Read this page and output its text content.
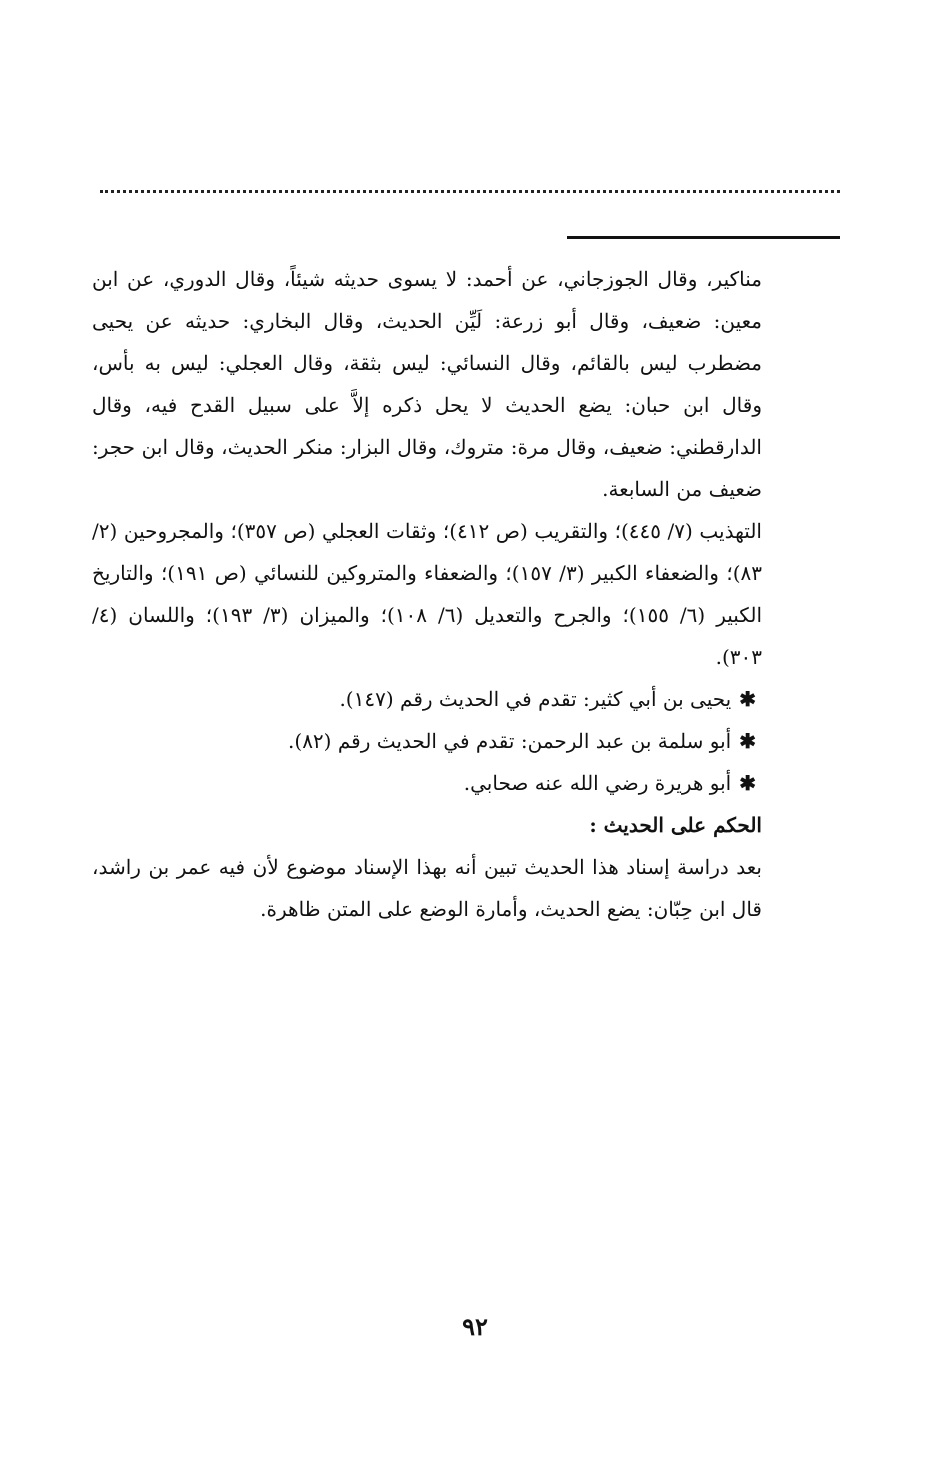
مناكير، وقال الجوزجاني، عن أحمد: لا يسوى حديثه شيئاً، وقال الدوري، عن ابن معين: ضعيف، وقال أبو زرعة: لَيِّن الحديث، وقال البخاري: حديثه عن يحيى مضطرب ليس بالقائم، وقال النسائي: ليس بثقة، وقال العجلي: ليس به بأس، وقال ابن حبان: يضع الحديث لا يحل ذكره إلاَّ على سبيل القدح فيه، وقال الدارقطني: ضعيف، وقال مرة: متروك، وقال البزار: منكر الحديث، وقال ابن حجر: ضعيف من السابعة.

التهذيب (٧/ ٤٤٥)؛ والتقريب (ص ٤١٢)؛ وثقات العجلي (ص ٣٥٧)؛ والمجروحين (٢/ ٨٣)؛ والضعفاء الكبير (٣/ ١٥٧)؛ والضعفاء والمتروكين للنسائي (ص ١٩١)؛ والتاريخ الكبير (٦/ ١٥٥)؛ والجرح والتعديل (٦/ ١٠٨)؛ والميزان (٣/ ١٩٣)؛ واللسان (٤/ ٣٠٣).

✱يحيى بن أبي كثير: تقدم في الحديث رقم (١٤٧).

✱أبو سلمة بن عبد الرحمن: تقدم في الحديث رقم (٨٢).

✱أبو هريرة رضي الله عنه صحابي.

الحكم على الحديث :

بعد دراسة إسناد هذا الحديث تبين أنه بهذا الإسناد موضوع لأن فيه عمر بن راشد، قال ابن حِبّان: يضع الحديث، وأمارة الوضع على المتن ظاهرة.

٩٢
